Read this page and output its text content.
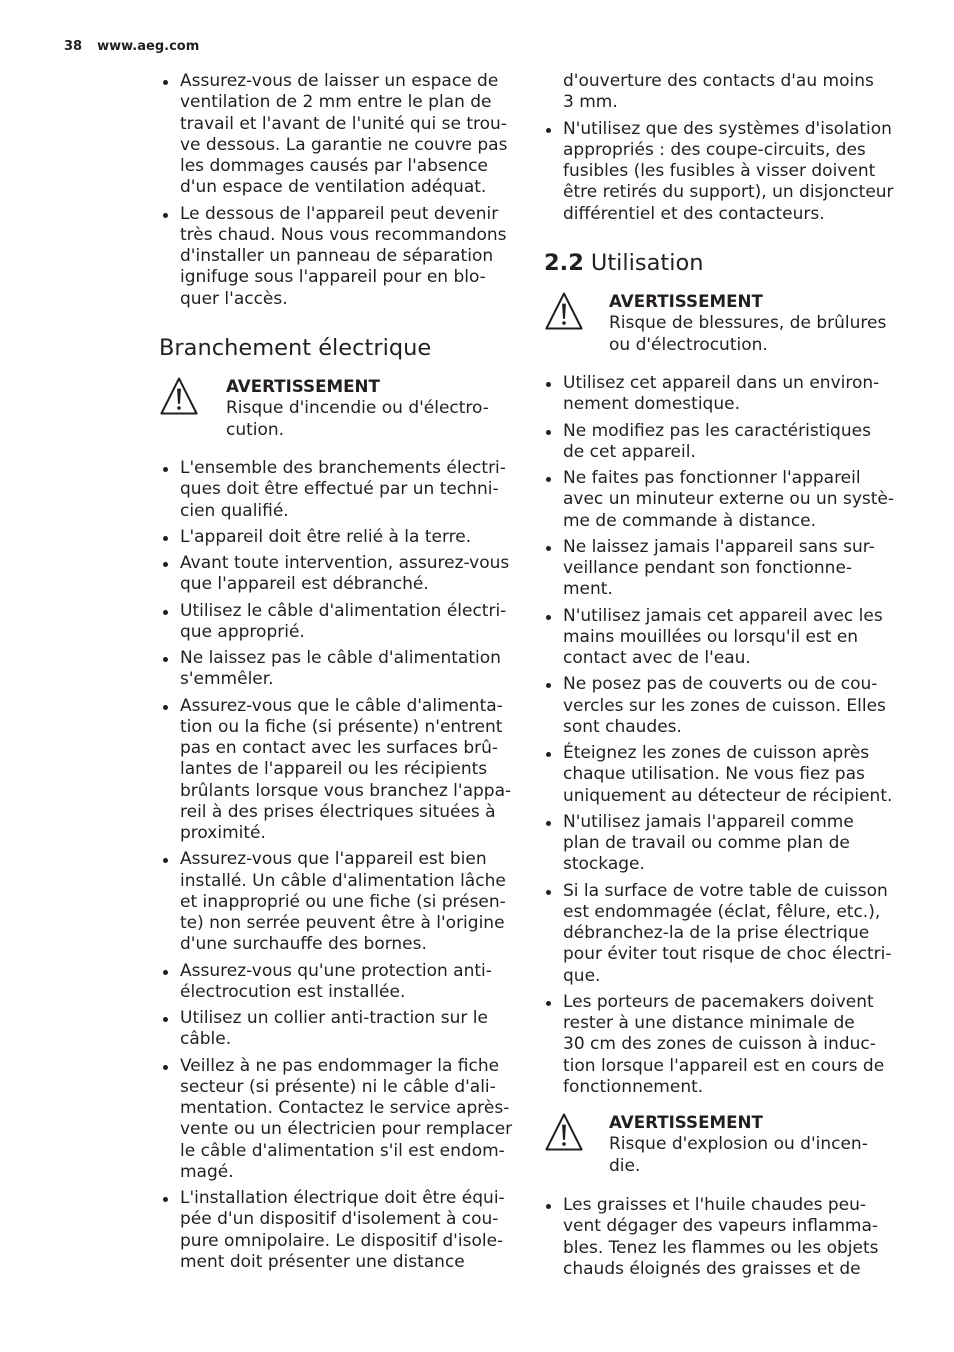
38 www.aeg.com
Assurez-vous de laisser un espace de
ventilation de 2 mm entre le plan de
travail et l'avant de l'unité qui se trou-
ve dessous. La garantie ne couvre pas
les dommages causés par l'absence
d'un espace de ventilation adéquat.
Le dessous de l'appareil peut devenir
très chaud. Nous vous recommandons
d'installer un panneau de séparation
ignifuge sous l'appareil pour en blo-
quer l'accès.
Branchement électrique
AVERTISSEMENT
Risque d'incendie ou d'électro-
cution.
L'ensemble des branchements électri-
ques doit être effectué par un techni-
cien qualifié.
L'appareil doit être relié à la terre.
Avant toute intervention, assurez-vous
que l'appareil est débranché.
Utilisez le câble d'alimentation électri-
que approprié.
Ne laissez pas le câble d'alimentation
s'emmêler.
Assurez-vous que le câble d'alimenta-
tion ou la fiche (si présente) n'entrent
pas en contact avec les surfaces brû-
lantes de l'appareil ou les récipients
brûlants lorsque vous branchez l'appa-
reil à des prises électriques situées à
proximité.
Assurez-vous que l'appareil est bien
installé. Un câble d'alimentation lâche
et inapproprié ou une fiche (si présen-
te) non serrée peuvent être à l'origine
d'une surchauffe des bornes.
Assurez-vous qu'une protection anti-
électrocution est installée.
Utilisez un collier anti-traction sur le
câble.
Veillez à ne pas endommager la fiche
secteur (si présente) ni le câble d'ali-
mentation. Contactez le service après-
vente ou un électricien pour remplacer
le câble d'alimentation s'il est endom-
magé.
L'installation électrique doit être équi-
pée d'un dispositif d'isolement à cou-
pure omnipolaire. Le dispositif d'isole-
ment doit présenter une distance
d'ouverture des contacts d'au moins
3 mm.
N'utilisez que des systèmes d'isolation
appropriés : des coupe-circuits, des
fusibles (les fusibles à visser doivent
être retirés du support), un disjoncteur
différentiel et des contacteurs.
2.2 Utilisation
AVERTISSEMENT
Risque de blessures, de brûlures
ou d'électrocution.
Utilisez cet appareil dans un environ-
nement domestique.
Ne modifiez pas les caractéristiques
de cet appareil.
Ne faites pas fonctionner l'appareil
avec un minuteur externe ou un systè-
me de commande à distance.
Ne laissez jamais l'appareil sans sur-
veillance pendant son fonctionne-
ment.
N'utilisez jamais cet appareil avec les
mains mouillées ou lorsqu'il est en
contact avec de l'eau.
Ne posez pas de couverts ou de cou-
vercles sur les zones de cuisson. Elles
sont chaudes.
Éteignez les zones de cuisson après
chaque utilisation. Ne vous fiez pas
uniquement au détecteur de récipient.
N'utilisez jamais l'appareil comme
plan de travail ou comme plan de
stockage.
Si la surface de votre table de cuisson
est endommagée (éclat, fêlure, etc.),
débranchez-la de la prise électrique
pour éviter tout risque de choc électri-
que.
Les porteurs de pacemakers doivent
rester à une distance minimale de
30 cm des zones de cuisson à induc-
tion lorsque l'appareil est en cours de
fonctionnement.
AVERTISSEMENT
Risque d'explosion ou d'incen-
die.
Les graisses et l'huile chaudes peu-
vent dégager des vapeurs inflamma-
bles. Tenez les flammes ou les objets
chauds éloignés des graisses et de
